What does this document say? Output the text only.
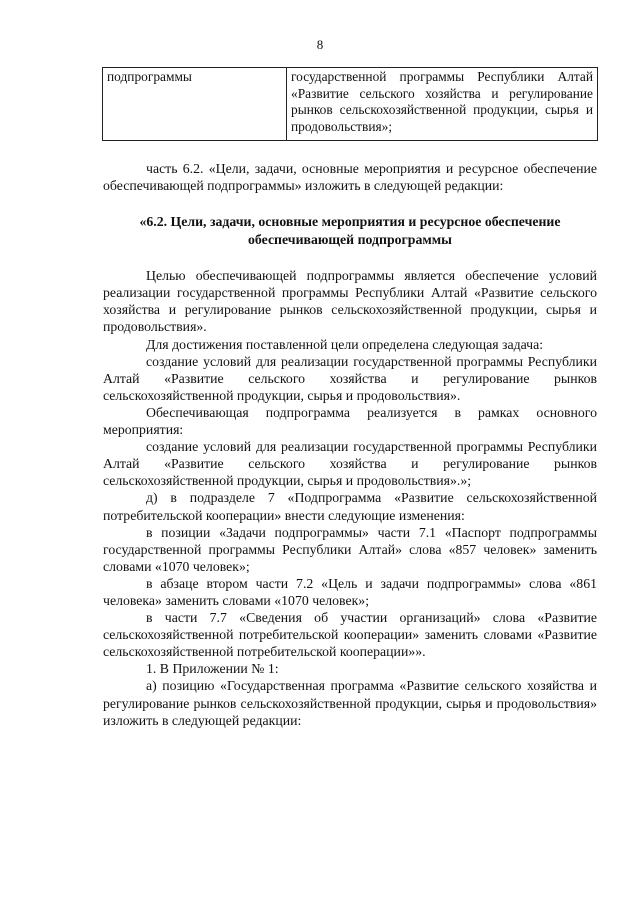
8
подпрограммы	государственной программы Республики Алтай «Развитие сельского хозяйства и регулирование рынков сельскохозяйственной продукции, сырья и продовольствия»;

часть 6.2. «Цели, задачи, основные мероприятия и ресурсное обеспечение обеспечивающей подпрограммы» изложить в следующей редакции:

«6.2. Цели, задачи, основные мероприятия и ресурсное обеспечение обеспечивающей подпрограммы

Целью обеспечивающей подпрограммы является обеспечение условий реализации государственной программы Республики Алтай «Развитие сельского хозяйства и регулирование рынков сельскохозяйственной продукции, сырья и продовольствия».

Для достижения поставленной цели определена следующая задача:

создание условий для реализации государственной программы Республики Алтай «Развитие сельского хозяйства и регулирование рынков сельскохозяйственной продукции, сырья и продовольствия».

Обеспечивающая подпрограмма реализуется в рамках основного мероприятия:

создание условий для реализации государственной программы Республики Алтай «Развитие сельского хозяйства и регулирование рынков сельскохозяйственной продукции, сырья и продовольствия».»;

д) в подразделе 7 «Подпрограмма «Развитие сельскохозяйственной потребительской кооперации» внести следующие изменения:

в позиции «Задачи подпрограммы» части 7.1 «Паспорт подпрограммы государственной программы Республики Алтай» слова «857 человек» заменить словами «1070 человек»;

в абзаце втором части 7.2 «Цель и задачи подпрограммы» слова «861 человека» заменить словами «1070 человек»;

в части 7.7 «Сведения об участии организаций» слова «Развитие сельскохозяйственной потребительской кооперации» заменить словами «Развитие сельскохозяйственной потребительской кооперации»».

1. В Приложении № 1:

а) позицию «Государственная программа «Развитие сельского хозяйства и регулирование рынков сельскохозяйственной продукции, сырья и продовольствия» изложить в следующей редакции:
